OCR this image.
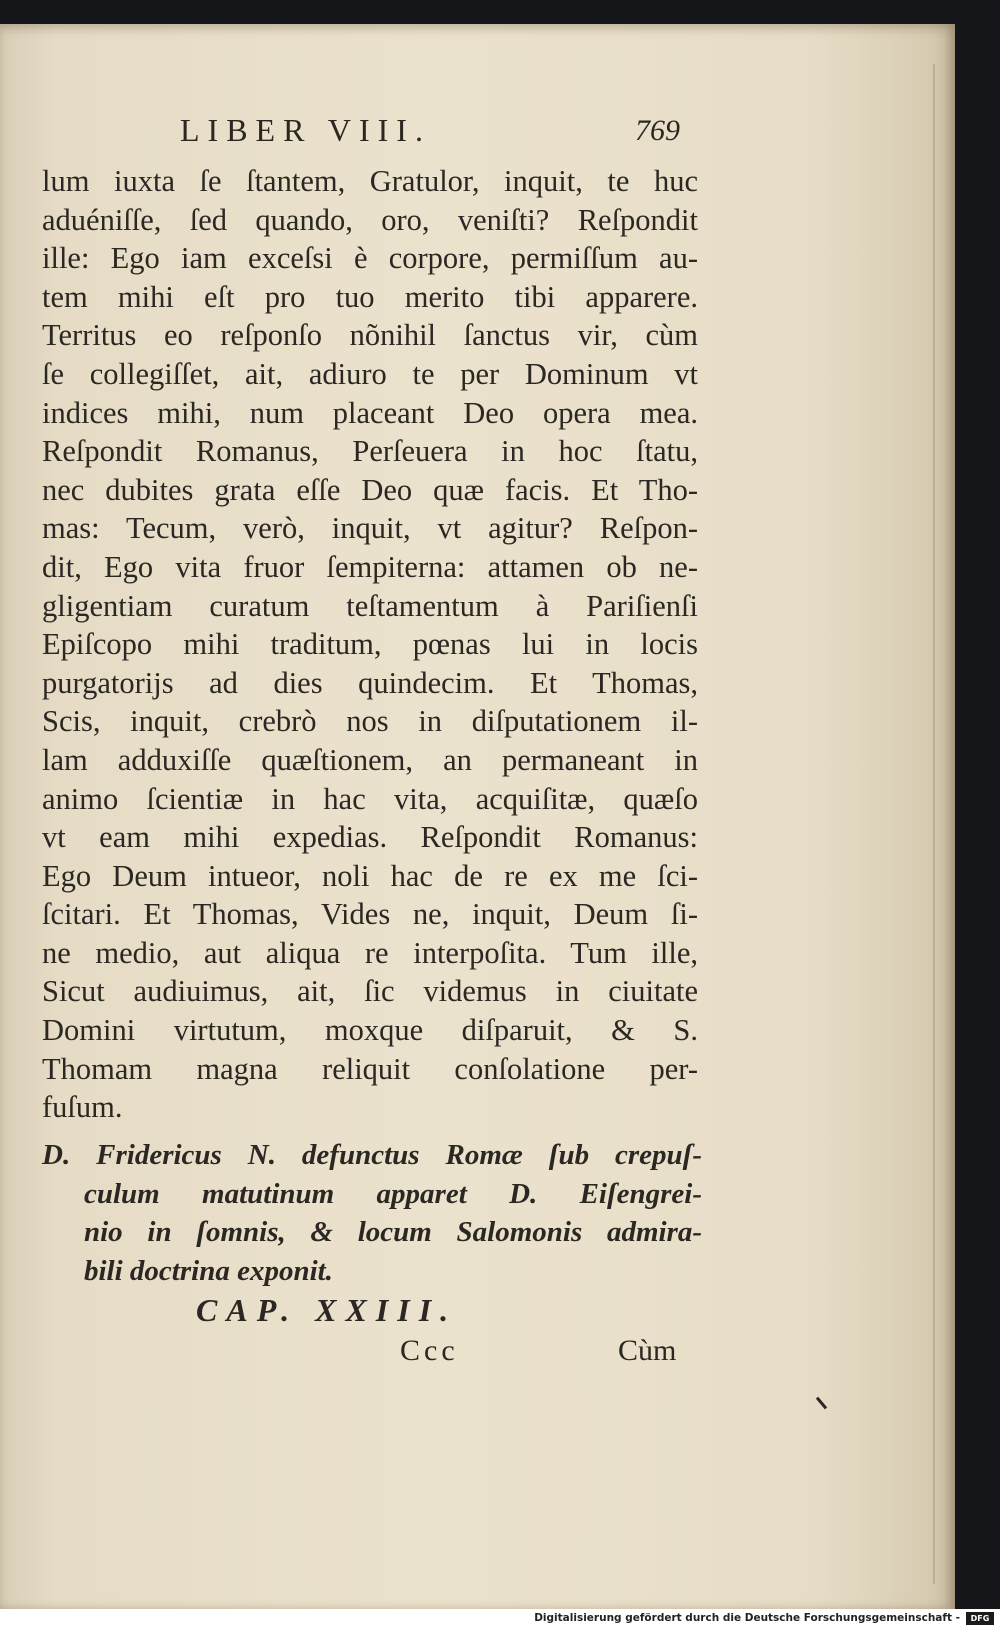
LIBER VIII.	769
lum iuxta ſe ſtantem, Gratulor, inquit, te huc
aduéniſſe, ſed quando, oro, veniſti? Reſpondit
ille: Ego iam exceſsi è corpore, permiſſum au-
tem mihi eſt pro tuo merito tibi apparere.
Territus eo reſponſo nõnihil ſanctus vir, cùm
ſe collegiſſet, ait, adiuro te per Dominum vt
indices mihi, num placeant Deo opera mea.
Reſpondit Romanus, Perſeuera in hoc ſtatu,
nec dubites grata eſſe Deo quæ facis. Et Tho-
mas: Tecum, verò, inquit, vt agitur? Reſpon-
dit, Ego vita fruor ſempiterna: attamen ob ne-
gligentiam curatum teſtamentum à Pariſienſi
Epiſcopo mihi traditum, pœnas lui in locis
purgatorijs ad dies quindecim. Et Thomas,
Scis, inquit, crebrò nos in diſputationem il-
lam adduxiſſe quæſtionem, an permaneant in
animo ſcientiæ in hac vita, acquiſitæ, quæſo
vt eam mihi expedias. Reſpondit Romanus:
Ego Deum intueor, noli hac de re ex me ſci-
ſcitari. Et Thomas, Vides ne, inquit, Deum ſi-
ne medio, aut aliqua re interpoſita. Tum ille,
Sicut audiuimus, ait, ſic videmus in ciuitate
Domini virtutum, moxque diſparuit, & S.
Thomam magna reliquit conſolatione per-
fuſum.
D. Fridericus N. defunctus Romæ ſub crepuſ-
culum matutinum apparet D. Eiſengrei-
nio in ſomnis, & locum Salomonis admira-
bili doctrina exponit.
CAP. XXIII.
Ccc	Cùm
Digitalisierung gefördert durch die Deutsche Forschungsgemeinschaft -	DFG
